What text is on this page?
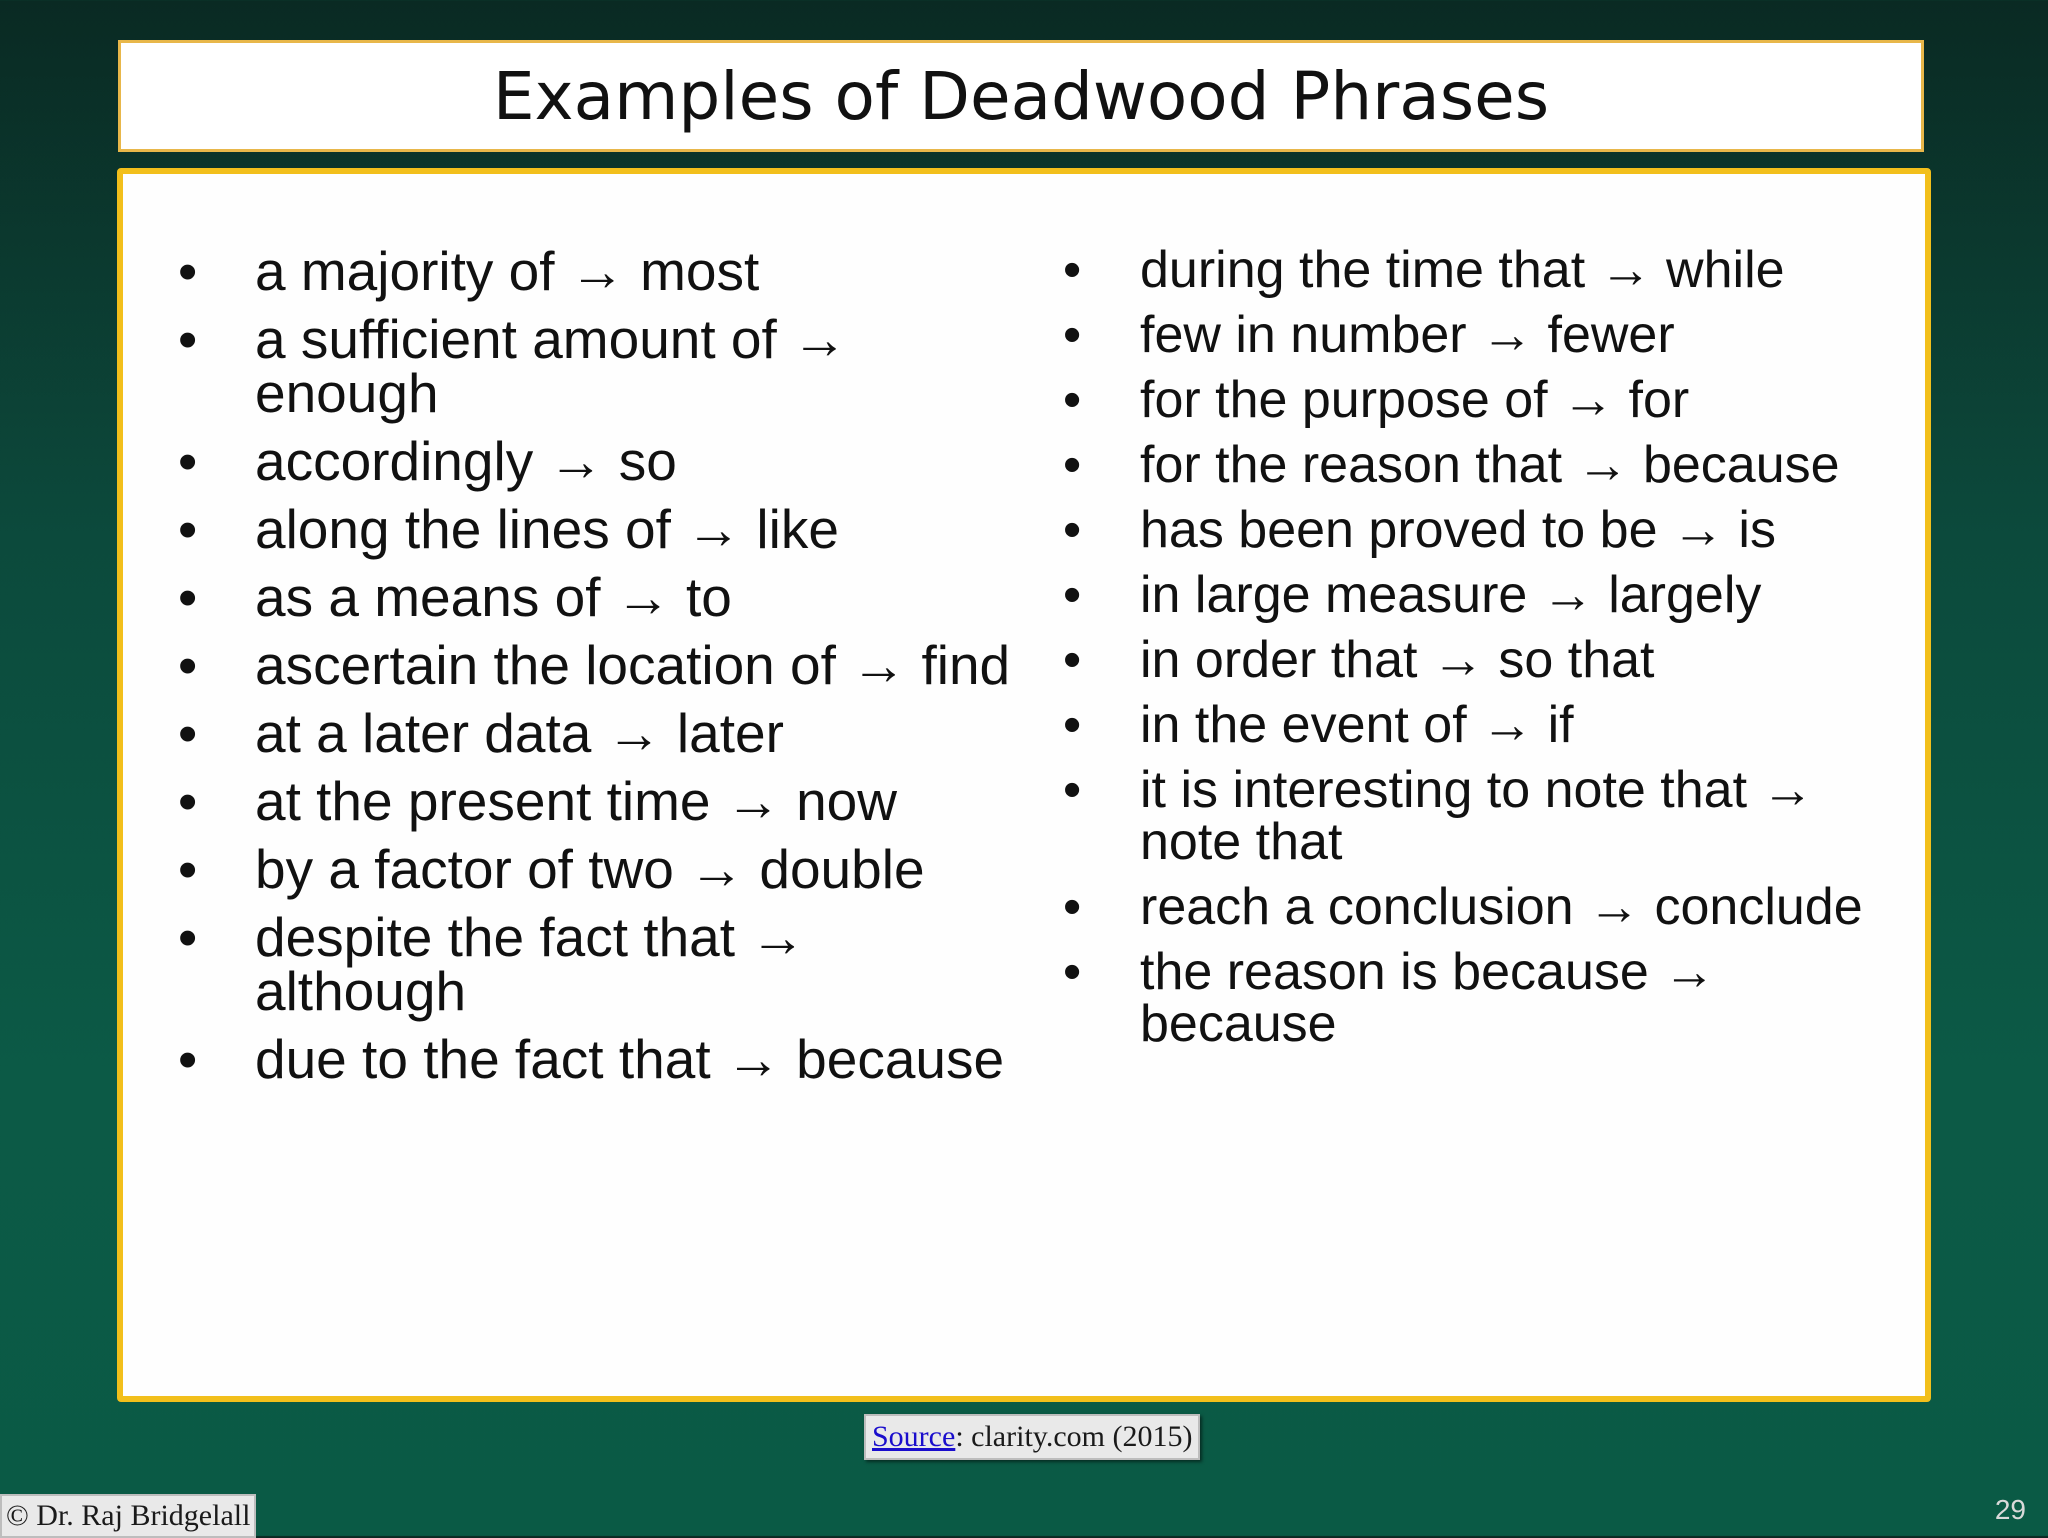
Examples of Deadwood Phrases
•	a majority of → most
•	a sufficient amount of → enough
•	accordingly → so
•	along the lines of → like
•	as a means of → to
•	ascertain the location of → find
•	at a later data → later
•	at the present time → now
•	by a factor of two → double
•	despite the fact that → although
•	due to the fact that → because
•	during the time that → while
•	few in number → fewer
•	for the purpose of → for
•	for the reason that → because
•	has been proved to be → is
•	in large measure → largely
•	in order that → so that
•	in the event of → if
•	it is interesting to note that → note that
•	reach a conclusion → conclude
•	the reason is because → because
Source: clarity.com (2015)
© Dr. Raj Bridgelall	29
